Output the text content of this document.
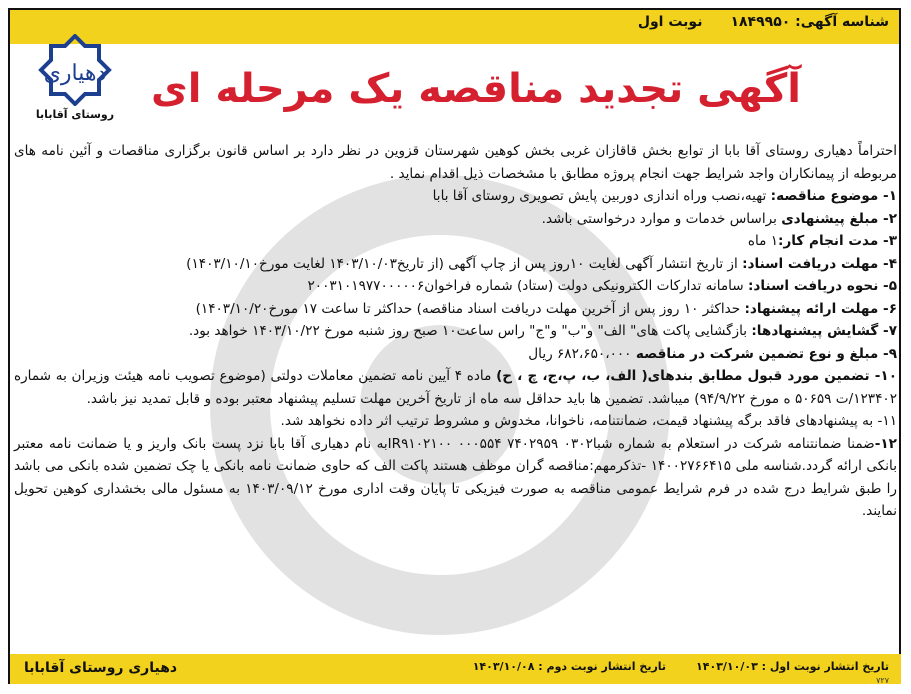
شناسه آگهی: ۱۸۴۹۹۵۰
نوبت اول
دهیاری
روستای آقابابا
آگهی تجدید مناقصه یک مرحله ای

احتراماً دهیاری روستای آقا بابا از توابع بخش قاقازان غربی بخش کوهین شهرستان قزوین در نظر دارد بر اساس قانون برگزاری مناقصات و آئین نامه های مربوطه از پیمانکاران واجد شرایط جهت انجام پروژه مطابق با مشخصات ذیل اقدام نماید .

۱- موضوع مناقصه: تهیه،نصب وراه اندازی دوربین پایش تصویری روستای آقا بابا

۲- مبلغ پیشنهادی براساس خدمات و موارد درخواستی باشد.

۳- مدت انجام کار:۱ ماه

۴- مهلت دریافت اسناد: از تاریخ انتشار آگهی لغایت ۱۰روز پس از چاپ آگهی (از تاریخ۱۴۰۳/۱۰/۰۳ لغایت مورخ۱۴۰۳/۱۰/۱۰)

۵- نحوه دریافت اسناد: سامانه تدارکات الکترونیکی دولت (ستاد) شماره فراخوان۲۰۰۳۱۰۱۹۷۷۰۰۰۰۰۶

۶- مهلت ارائه پیشنهاد: حداکثر ۱۰ روز پس از آخرین مهلت دریافت اسناد مناقصه) حداکثر تا ساعت ۱۷ مورخ۱۴۰۳/۱۰/۲۰)

۷- گشایش پیشنهادها: بازگشایی پاکت های" الف" و"ب" و"ج" راس ساعت۱۰ صبح روز شنبه مورخ ۱۴۰۳/۱۰/۲۲ خواهد بود.

۹- مبلغ و نوع تضمین شرکت در مناقصه ۶۸۲،۶۵۰،۰۰۰ ریال

۱۰- تضمین مورد قبول مطابق بندهای( الف، ب، پ،ج، چ ، ح) ماده ۴ آیین نامه تضمین معاملات دولتی (موضوع تصویب نامه هیئت وزیران به شماره ۱۲۳۴۰۲/ت ۵۰۶۵۹ ه مورخ ۹۴/۹/۲۲) میباشد. تضمین ها باید حداقل سه ماه از تاریخ آخرین مهلت تسلیم پیشنهاد معتبر بوده و قابل تمدید نیز باشد.

۱۱- به پیشنهادهای فاقد برگه پیشنهاد قیمت، ضمانتنامه، ناخوانا، مخدوش و مشروط ترتیب اثر داده نخواهد شد.

۱۲-ضمنا ضمانتنامه شرکت در استعلام به شماره شبا۰۳۰۲ ۷۴۰۲۹۵۹ ۰۰۰۵۵۴ IR۹۱۰۲۱۰۰به نام دهیاری آقا بابا نزد پست بانک واریز و یا ضمانت نامه معتبر بانکی ارائه گردد.شناسه ملی ۱۴۰۰۲۷۶۶۴۱۵ -تذکرمهم:مناقصه گران موظف هستند پاکت الف که حاوی ضمانت نامه بانکی یا چک تضمین شده بانکی می باشد را طبق شرایط درج شده در فرم شرایط عمومی مناقصه به صورت فیزیکی تا پایان وقت اداری مورخ ۱۴۰۳/۰۹/۱۲ به مسئول مالی بخشداری کوهین تحویل نمایند.

دهیاری روستای آقابابا	تاریخ انتشار نوبت اول : ۱۴۰۳/۱۰/۰۳
تاریخ انتشار نوبت دوم : ۱۴۰۳/۱۰/۰۸
۷۲۷
